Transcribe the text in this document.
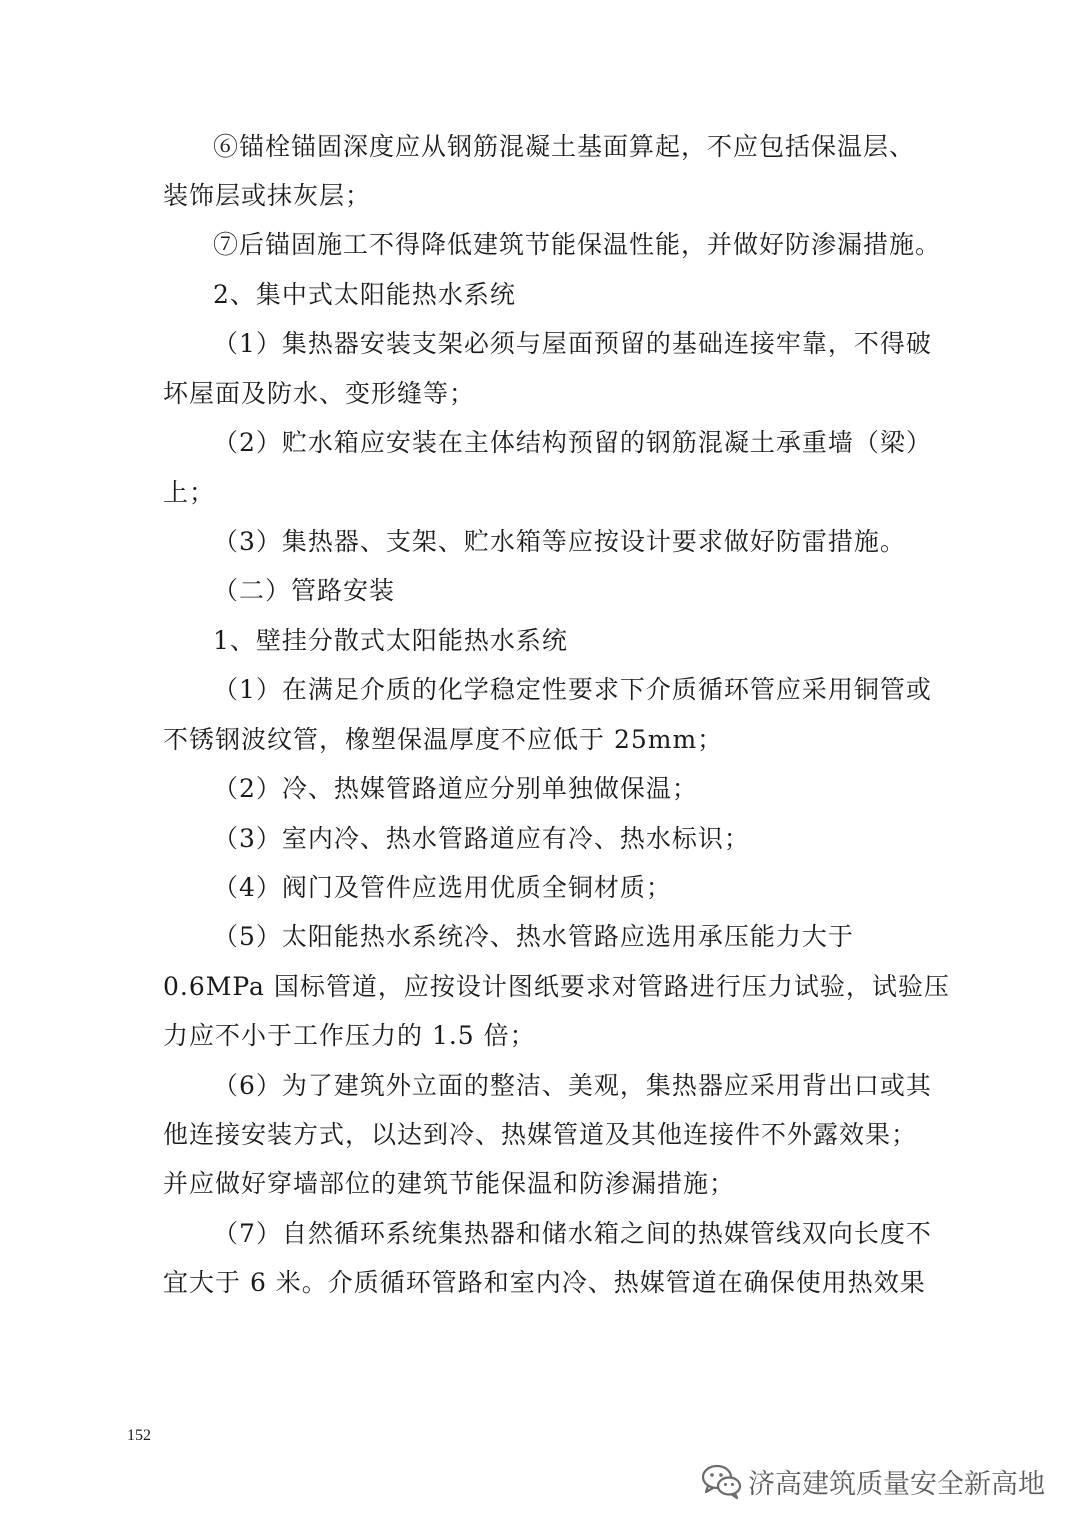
⑥锚栓锚固深度应从钢筋混凝土基面算起，不应包括保温层、
装饰层或抹灰层；
⑦后锚固施工不得降低建筑节能保温性能，并做好防渗漏措施。
2、集中式太阳能热水系统
（1）集热器安装支架必须与屋面预留的基础连接牢靠，不得破
坏屋面及防水、变形缝等；
（2）贮水箱应安装在主体结构预留的钢筋混凝土承重墙（梁）
上；
（3）集热器、支架、贮水箱等应按设计要求做好防雷措施。
（二）管路安装
1、壁挂分散式太阳能热水系统
（1）在满足介质的化学稳定性要求下介质循环管应采用铜管或
不锈钢波纹管，橡塑保温厚度不应低于 25mm；
（2）冷、热媒管路道应分别单独做保温；
（3）室内冷、热水管路道应有冷、热水标识；
（4）阀门及管件应选用优质全铜材质；
（5）太阳能热水系统冷、热水管路应选用承压能力大于
0.6MPa 国标管道，应按设计图纸要求对管路进行压力试验，试验压
力应不小于工作压力的 1.5 倍；
（6）为了建筑外立面的整洁、美观，集热器应采用背出口或其
他连接安装方式，以达到冷、热媒管道及其他连接件不外露效果；
并应做好穿墙部位的建筑节能保温和防渗漏措施；
（7）自然循环系统集热器和储水箱之间的热媒管线双向长度不
宜大于 6 米。介质循环管路和室内冷、热媒管道在确保使用热效果
152
济高建筑质量安全新高地
